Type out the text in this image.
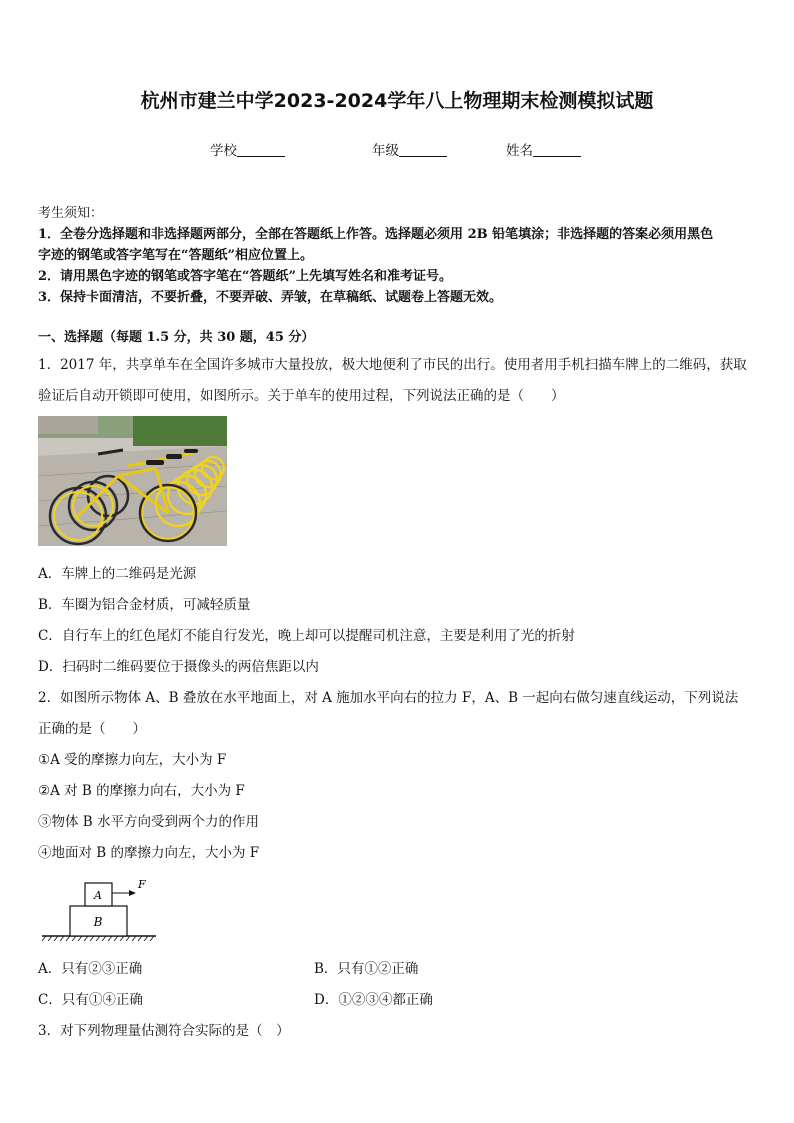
杭州市建兰中学2023-2024学年八上物理期末检测模拟试题
学校	年级	姓名
考生须知：
1．全卷分选择题和非选择题两部分，全部在答题纸上作答。选择题必须用 2B 铅笔填涂；非选择题的答案必须用黑色
字迹的钢笔或答字笔写在“答题纸”相应位置上。
2．请用黑色字迹的钢笔或答字笔在“答题纸”上先填写姓名和准考证号。
3．保持卡面清洁，不要折叠，不要弄破、弄皱，在草稿纸、试题卷上答题无效。
一、选择题（每题 1.5 分，共 30 题，45 分）
1．2017 年，共享单车在全国许多城市大量投放，极大地便利了市民的出行。使用者用手机扫描车牌上的二维码，获取
验证后自动开锁即可使用，如图所示。关于单车的使用过程，下列说法正确的是（　　）
A．车牌上的二维码是光源
B．车圈为铝合金材质，可减轻质量
C．自行车上的红色尾灯不能自行发光，晚上却可以提醒司机注意，主要是利用了光的折射
D．扫码时二维码要位于摄像头的两倍焦距以内
2．如图所示物体 A、B 叠放在水平地面上，对 A 施加水平向右的拉力 F，A、B 一起向右做匀速直线运动，下列说法
正确的是（　　）
①A 受的摩擦力向左，大小为 F
②A 对 B 的摩擦力向右，大小为 F
③物体 B 水平方向受到两个力的作用
④地面对 B 的摩擦力向左，大小为 F
B
A
F
A．只有②③正确	B．只有①②正确
C．只有①④正确	D．①②③④都正确
3．对下列物理量估测符合实际的是（　）
